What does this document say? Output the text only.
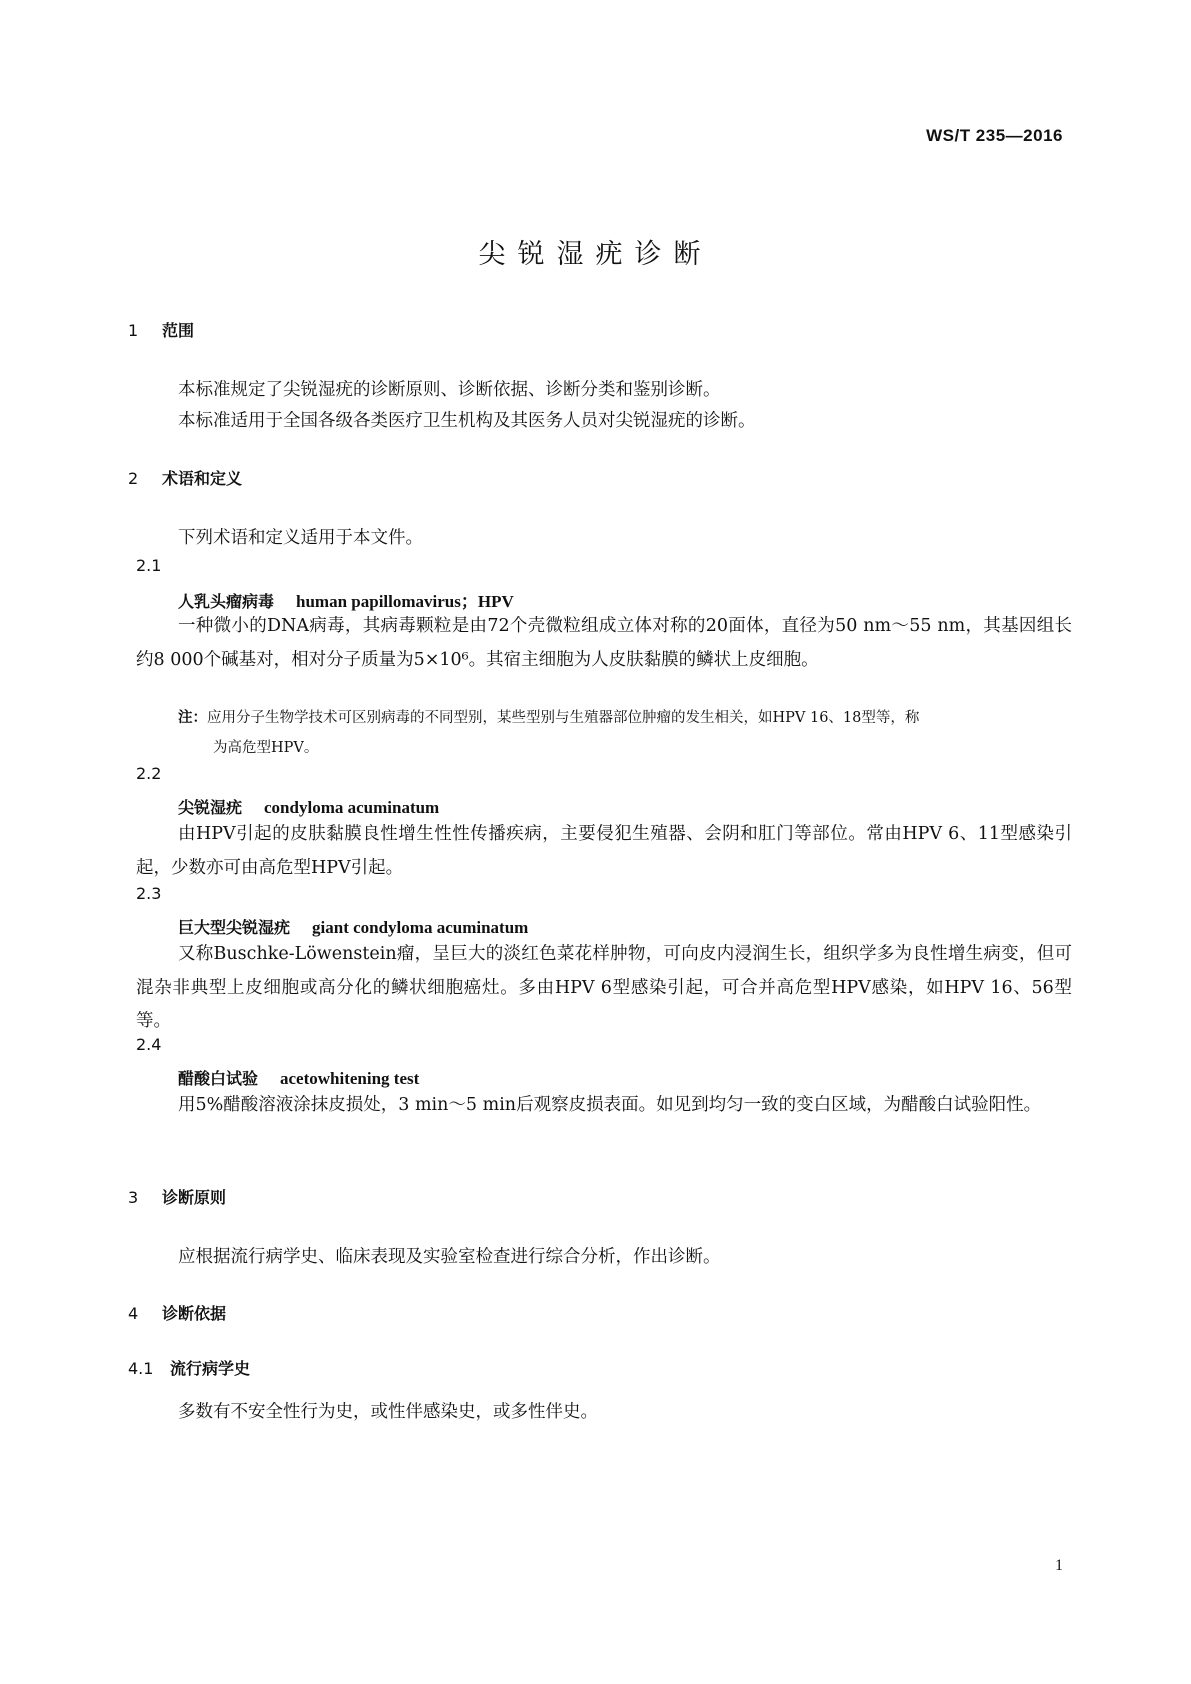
WS/T 235—2016
尖锐湿疣诊断
1 范围
本标准规定了尖锐湿疣的诊断原则、诊断依据、诊断分类和鉴别诊断。
本标准适用于全国各级各类医疗卫生机构及其医务人员对尖锐湿疣的诊断。
2 术语和定义
下列术语和定义适用于本文件。
2.1
人乳头瘤病毒 human papillomavirus；HPV
一种微小的DNA病毒，其病毒颗粒是由72个壳微粒组成立体对称的20面体，直径为50 nm～55 nm，其基因组长约8 000个碱基对，相对分子质量为5×10⁶。其宿主细胞为人皮肤黏膜的鳞状上皮细胞。
注：应用分子生物学技术可区别病毒的不同型别，某些型别与生殖器部位肿瘤的发生相关，如HPV 16、18型等，称
为高危型HPV。
2.2
尖锐湿疣 condyloma acuminatum
由HPV引起的皮肤黏膜良性增生性性传播疾病，主要侵犯生殖器、会阴和肛门等部位。常由HPV 6、11型感染引起，少数亦可由高危型HPV引起。
2.3
巨大型尖锐湿疣 giant condyloma acuminatum
又称Buschke-Löwenstein瘤，呈巨大的淡红色菜花样肿物，可向皮内浸润生长，组织学多为良性增生病变，但可混杂非典型上皮细胞或高分化的鳞状细胞癌灶。多由HPV 6型感染引起，可合并高危型HPV感染，如HPV 16、56型等。
2.4
醋酸白试验 acetowhitening test
用5%醋酸溶液涂抹皮损处，3 min～5 min后观察皮损表面。如见到均匀一致的变白区域，为醋酸白试验阳性。
3 诊断原则
应根据流行病学史、临床表现及实验室检查进行综合分析，作出诊断。
4 诊断依据
4.1 流行病学史
多数有不安全性行为史，或性伴感染史，或多性伴史。
1
